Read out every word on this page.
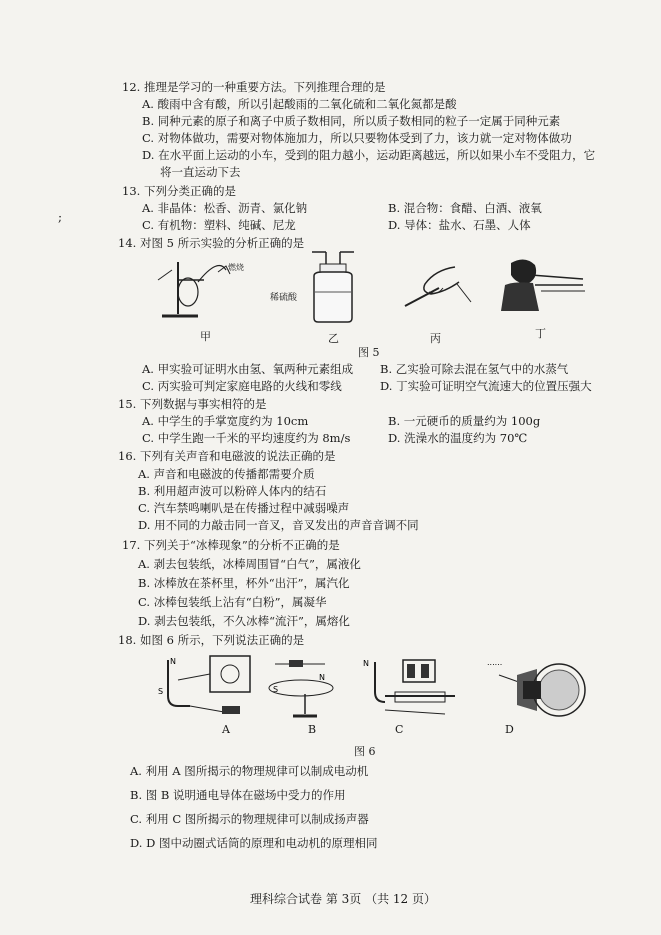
;
12. 推理是学习的一种重要方法。下列推理合理的是
A. 酸雨中含有酸，所以引起酸雨的二氧化硫和二氧化氮都是酸
B. 同种元素的原子和离子中质子数相同，所以质子数相同的粒子一定属于同种元素
C. 对物体做功，需要对物体施加力，所以只要物体受到了力，该力就一定对物体做功
D. 在水平面上运动的小车，受到的阻力越小，运动距离越远，所以如果小车不受阻力，它
将一直运动下去
13. 下列分类正确的是
A. 非晶体：松香、沥青、氯化钠	B. 混合物：食醋、白酒、液氧
C. 有机物：塑料、纯碱、尼龙	D. 导体：盐水、石墨、人体
14. 对图 5 所示实验的分析正确的是
燃烧
甲
稀硫酸
乙	丙	丁
图 5
A. 甲实验可证明水由氢、氧两种元素组成 B. 乙实验可除去混在氢气中的水蒸气
C. 丙实验可判定家庭电路的火线和零线	D. 丁实验可证明空气流速大的位置压强大
15. 下列数据与事实相符的是
A. 中学生的手掌宽度约为 10cm	B. 一元硬币的质量约为 100g
C. 中学生跑一千米的平均速度约为 8m/s	D. 洗澡水的温度约为 70℃
16. 下列有关声音和电磁波的说法正确的是
A. 声音和电磁波的传播都需要介质
B. 利用超声波可以粉碎人体内的结石
C. 汽车禁鸣喇叭是在传播过程中减弱噪声
D. 用不同的力敲击同一音叉，音叉发出的声音音调不同
17. 下列关于“冰棒现象”的分析不正确的是
A. 剥去包装纸，冰棒周围冒“白气”，属液化
B. 冰棒放在茶杯里，杯外“出汗”，属汽化
C. 冰棒包装纸上沾有“白粉”，属凝华
D. 剥去包装纸，不久冰棒“流汗”，属熔化
18. 如图 6 所示，下列说法正确的是
N
S
A
S
N
B
N
C
......
D
图 6
A. 利用 A 图所揭示的物理规律可以制成电动机
B. 图 B 说明通电导体在磁场中受力的作用
C. 利用 C 图所揭示的物理规律可以制成扬声器
D. D 图中动圈式话筒的原理和电动机的原理相同
理科综合试卷 第 3页 （共 12 页）
